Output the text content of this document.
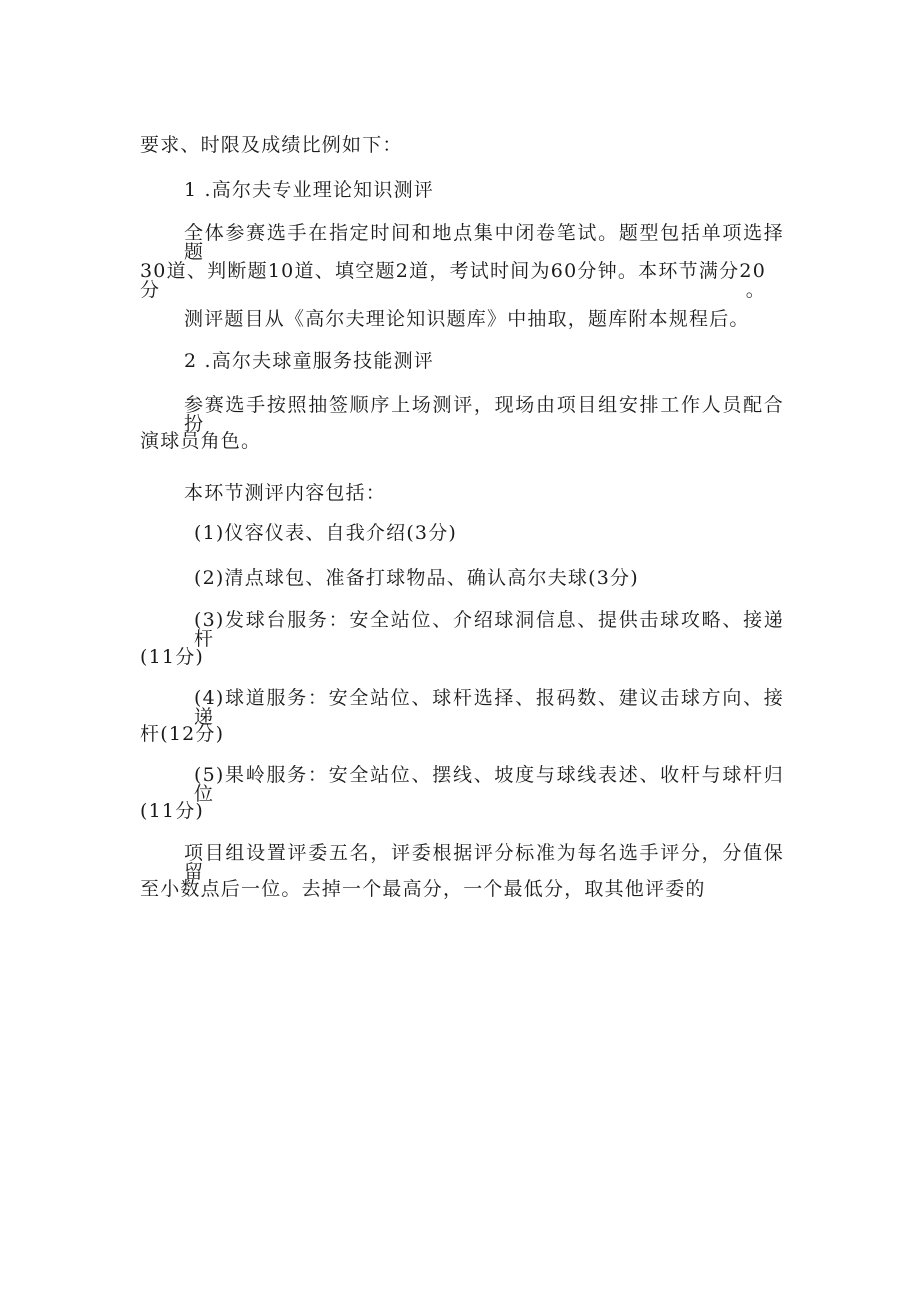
要求、时限及成绩比例如下：
1 .高尔夫专业理论知识测评
全体参赛选手在指定时间和地点集中闭卷笔试。题型包括单项选择题
30道、判断题10道、填空题2道，考试时间为60分钟。本环节满分20分。
测评题目从《高尔夫理论知识题库》中抽取，题库附本规程后。
2 .高尔夫球童服务技能测评
参赛选手按照抽签顺序上场测评，现场由项目组安排工作人员配合扮
演球员角色。
本环节测评内容包括：
(1)仪容仪表、自我介绍(3分)
(2)清点球包、准备打球物品、确认高尔夫球(3分)
(3)发球台服务：安全站位、介绍球洞信息、提供击球攻略、接递杆
(11分)
(4)球道服务：安全站位、球杆选择、报码数、建议击球方向、接递
杆(12分)
(5)果岭服务：安全站位、摆线、坡度与球线表述、收杆与球杆归位
(11分)
项目组设置评委五名，评委根据评分标准为每名选手评分，分值保留
至小数点后一位。去掉一个最高分，一个最低分，取其他评委的
